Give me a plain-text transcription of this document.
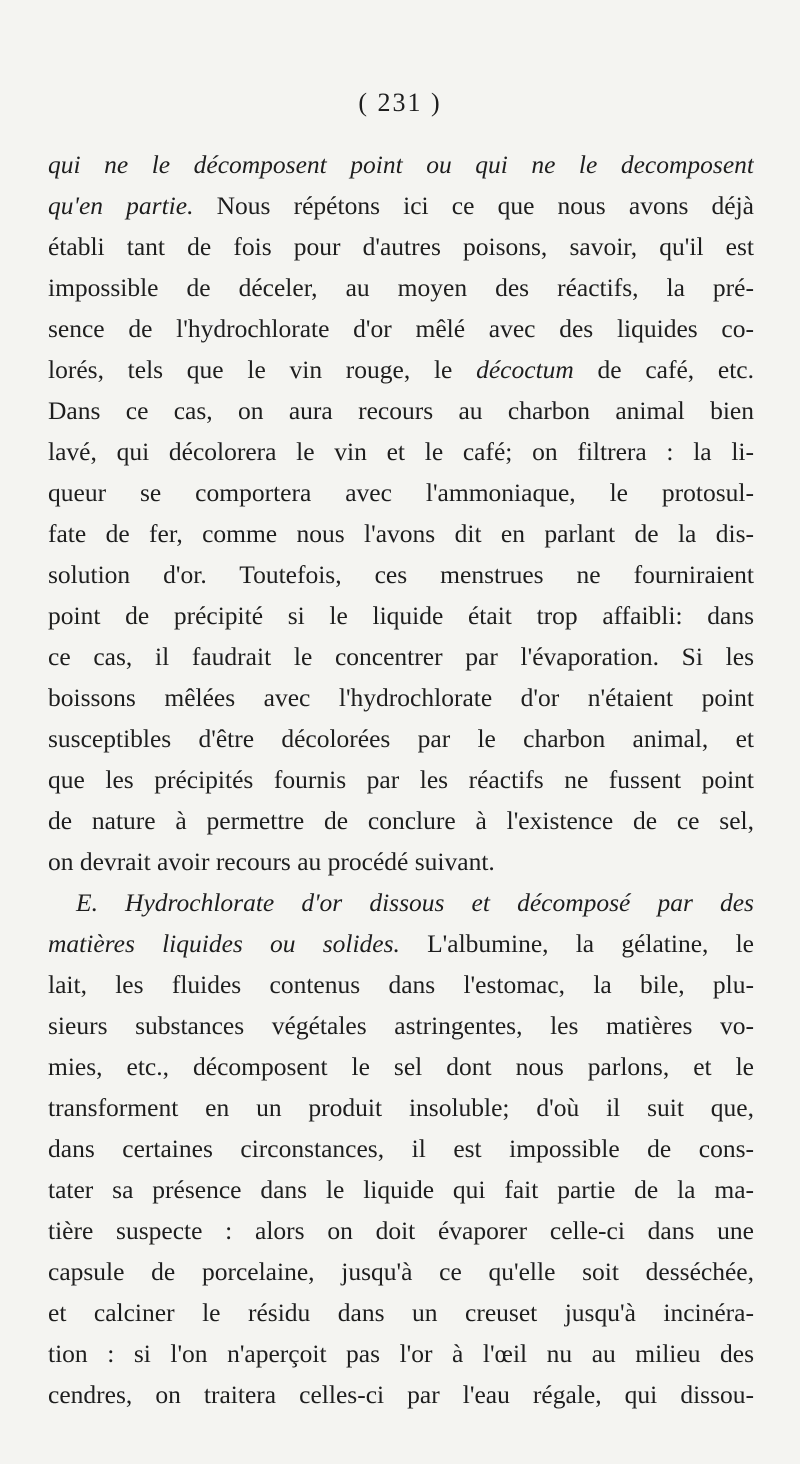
( 231 )
qui ne le décomposent point ou qui ne le decomposent
qu'en partie. Nous répétons ici ce que nous avons déjà
établi tant de fois pour d'autres poisons, savoir, qu'il est
impossible de déceler, au moyen des réactifs, la pré-
sence de l'hydrochlorate d'or mêlé avec des liquides co-
lorés, tels que le vin rouge, le décoctum de café, etc.
Dans ce cas, on aura recours au charbon animal bien
lavé, qui décolorera le vin et le café; on filtrera : la li-
queur se comportera avec l'ammoniaque, le protosul-
fate de fer, comme nous l'avons dit en parlant de la dis-
solution d'or. Toutefois, ces menstrues ne fourniraient
point de précipité si le liquide était trop affaibli: dans
ce cas, il faudrait le concentrer par l'évaporation. Si les
boissons mêlées avec l'hydrochlorate d'or n'étaient point
susceptibles d'être décolorées par le charbon animal, et
que les précipités fournis par les réactifs ne fussent point
de nature à permettre de conclure à l'existence de ce sel,
on devrait avoir recours au procédé suivant.
E. Hydrochlorate d'or dissous et décomposé par des
matières liquides ou solides. L'albumine, la gélatine, le
lait, les fluides contenus dans l'estomac, la bile, plu-
sieurs substances végétales astringentes, les matières vo-
mies, etc., décomposent le sel dont nous parlons, et le
transforment en un produit insoluble; d'où il suit que,
dans certaines circonstances, il est impossible de cons-
tater sa présence dans le liquide qui fait partie de la ma-
tière suspecte : alors on doit évaporer celle-ci dans une
capsule de porcelaine, jusqu'à ce qu'elle soit desséchée,
et calciner le résidu dans un creuset jusqu'à incinéra-
tion : si l'on n'aperçoit pas l'or à l'œil nu au milieu des
cendres, on traitera celles-ci par l'eau régale, qui dissou-
